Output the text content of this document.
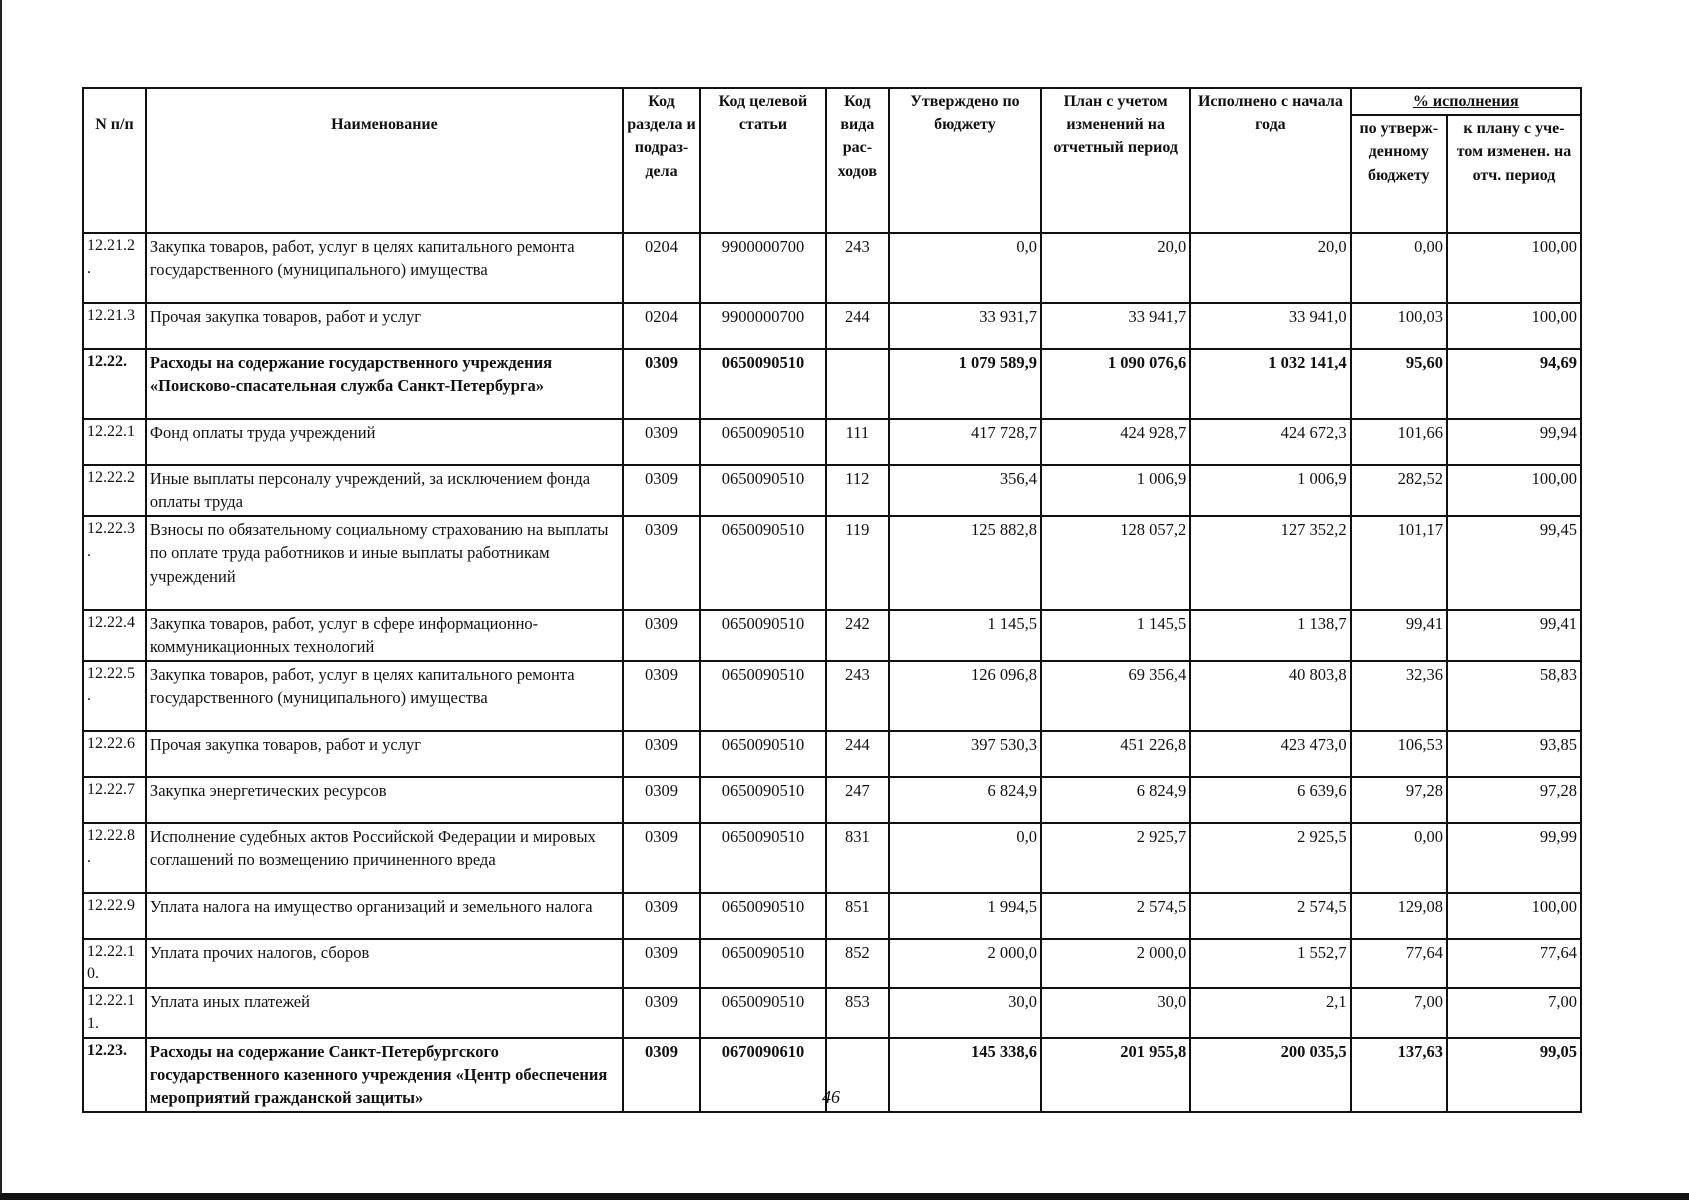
N п/п	Наименование	Код раздела и подраз-дела	Код целевой статьи	Код вида рас-ходов	Утверждено по бюджету	План с учетом изменений на отчетный период	Исполнено с начала года	% исполнения	
								по утверж-денному бюджету	к плану с уче-том изменен. на отч. период
12.21.2 .	Закупка товаров, работ, услуг в целях капитального ремонта государственного (муниципального) имущества	0204	9900000700	243	0,0	20,0	20,0	0,00	100,00
12.21.3	Прочая закупка товаров, работ и услуг	0204	9900000700	244	33 931,7	33 941,7	33 941,0	100,03	100,00
12.22.	Расходы на содержание государственного учреждения «Поисково-спасательная служба Санкт-Петербурга»	0309	0650090510		1 079 589,9	1 090 076,6	1 032 141,4	95,60	94,69
12.22.1	Фонд оплаты труда учреждений	0309	0650090510	111	417 728,7	424 928,7	424 672,3	101,66	99,94
12.22.2	Иные выплаты персоналу учреждений, за исключением фонда оплаты труда	0309	0650090510	112	356,4	1 006,9	1 006,9	282,52	100,00
12.22.3 .	Взносы по обязательному социальному страхованию на выплаты по оплате труда работников и иные выплаты работникам учреждений	0309	0650090510	119	125 882,8	128 057,2	127 352,2	101,17	99,45
12.22.4	Закупка товаров, работ, услуг в сфере информационно-коммуникационных технологий	0309	0650090510	242	1 145,5	1 145,5	1 138,7	99,41	99,41
12.22.5 .	Закупка товаров, работ, услуг в целях капитального ремонта государственного (муниципального) имущества	0309	0650090510	243	126 096,8	69 356,4	40 803,8	32,36	58,83
12.22.6	Прочая закупка товаров, работ и услуг	0309	0650090510	244	397 530,3	451 226,8	423 473,0	106,53	93,85
12.22.7	Закупка энергетических ресурсов	0309	0650090510	247	6 824,9	6 824,9	6 639,6	97,28	97,28
12.22.8 .	Исполнение судебных актов Российской Федерации и мировых соглашений по возмещению причиненного вреда	0309	0650090510	831	0,0	2 925,7	2 925,5	0,00	99,99
12.22.9	Уплата налога на имущество организаций и земельного налога	0309	0650090510	851	1 994,5	2 574,5	2 574,5	129,08	100,00
12.22.1 0.	Уплата прочих налогов, сборов	0309	0650090510	852	2 000,0	2 000,0	1 552,7	77,64	77,64
12.22.1 1.	Уплата иных платежей	0309	0650090510	853	30,0	30,0	2,1	7,00	7,00
12.23.	Расходы на содержание Санкт-Петербургского государственного казенного учреждения «Центр обеспечения мероприятий гражданской защиты»	0309	0670090610		145 338,6	201 955,8	200 035,5	137,63	99,05
46
